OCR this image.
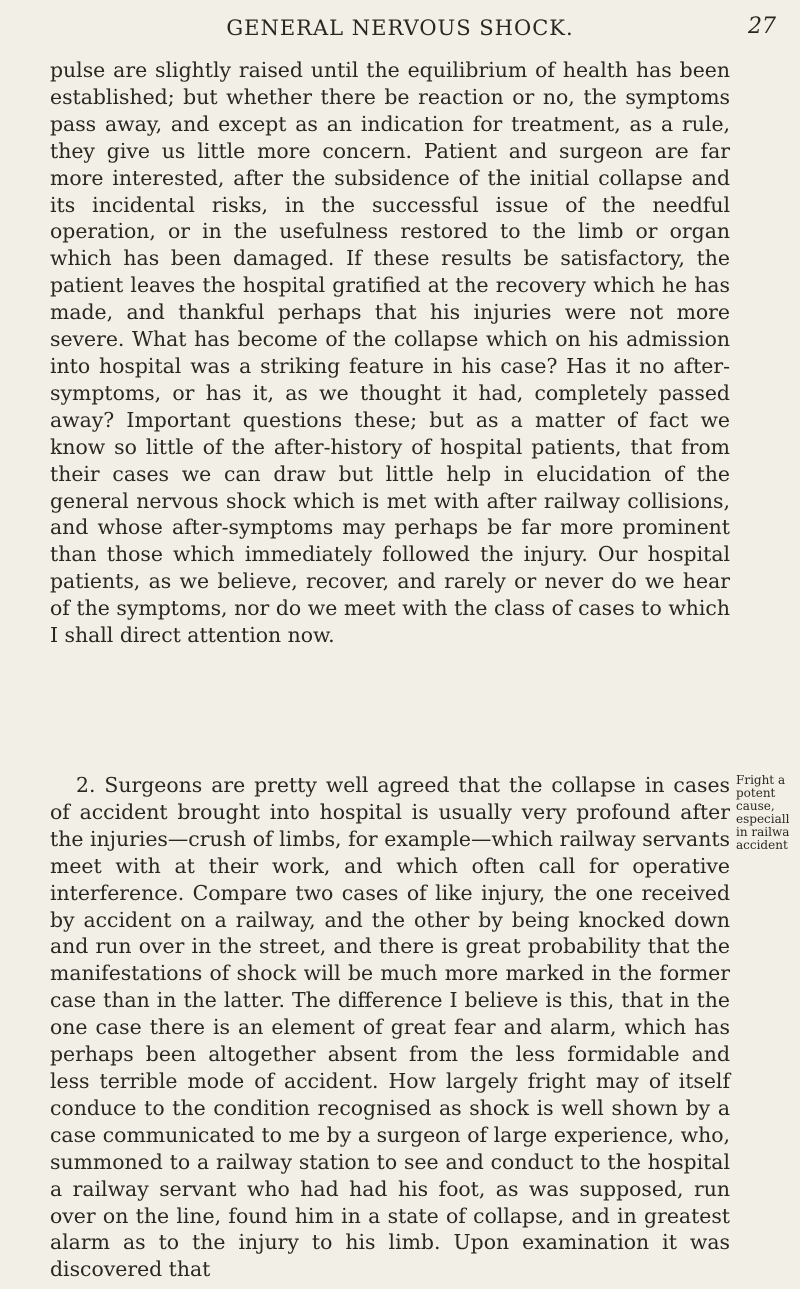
GENERAL NERVOUS SHOCK.	27

pulse are slightly raised until the equilibrium of health has been established; but whether there be reaction or no, the symptoms pass away, and except as an indication for treatment, as a rule, they give us little more concern. Patient and surgeon are far more interested, after the subsidence of the initial collapse and its incidental risks, in the successful issue of the needful operation, or in the usefulness restored to the limb or organ which has been damaged. If these results be satisfactory, the patient leaves the hospital gratified at the recovery which he has made, and thankful perhaps that his injuries were not more severe. What has become of the collapse which on his admission into hospital was a striking feature in his case? Has it no after-symptoms, or has it, as we thought it had, completely passed away? Important questions these; but as a matter of fact we know so little of the after-history of hospital patients, that from their cases we can draw but little help in elucidation of the general nervous shock which is met with after railway collisions, and whose after-symptoms may perhaps be far more prominent than those which immediately followed the injury. Our hospital patients, as we believe, recover, and rarely or never do we hear of the symptoms, nor do we meet with the class of cases to which I shall direct attention now.

2. Surgeons are pretty well agreed that the collapse in cases of accident brought into hospital is usually very profound after the injuries—crush of limbs, for example—which railway servants meet with at their work, and which often call for operative interference. Compare two cases of like injury, the one received by accident on a railway, and the other by being knocked down and run over in the street, and there is great probability that the manifestations of shock will be much more marked in the former case than in the latter. The difference I believe is this, that in the one case there is an element of great fear and alarm, which has perhaps been altogether absent from the less formidable and less terrible mode of accident. How largely fright may of itself conduce to the condition recognised as shock is well shown by a case communicated to me by a surgeon of large experience, who, summoned to a railway station to see and conduct to the hospital a railway servant who had had his foot, as was supposed, run over on the line, found him in a state of collapse, and in greatest alarm as to the injury to his limb. Upon examination it was discovered that

Fright a
potent
cause,
especiall
in railwa
accident
